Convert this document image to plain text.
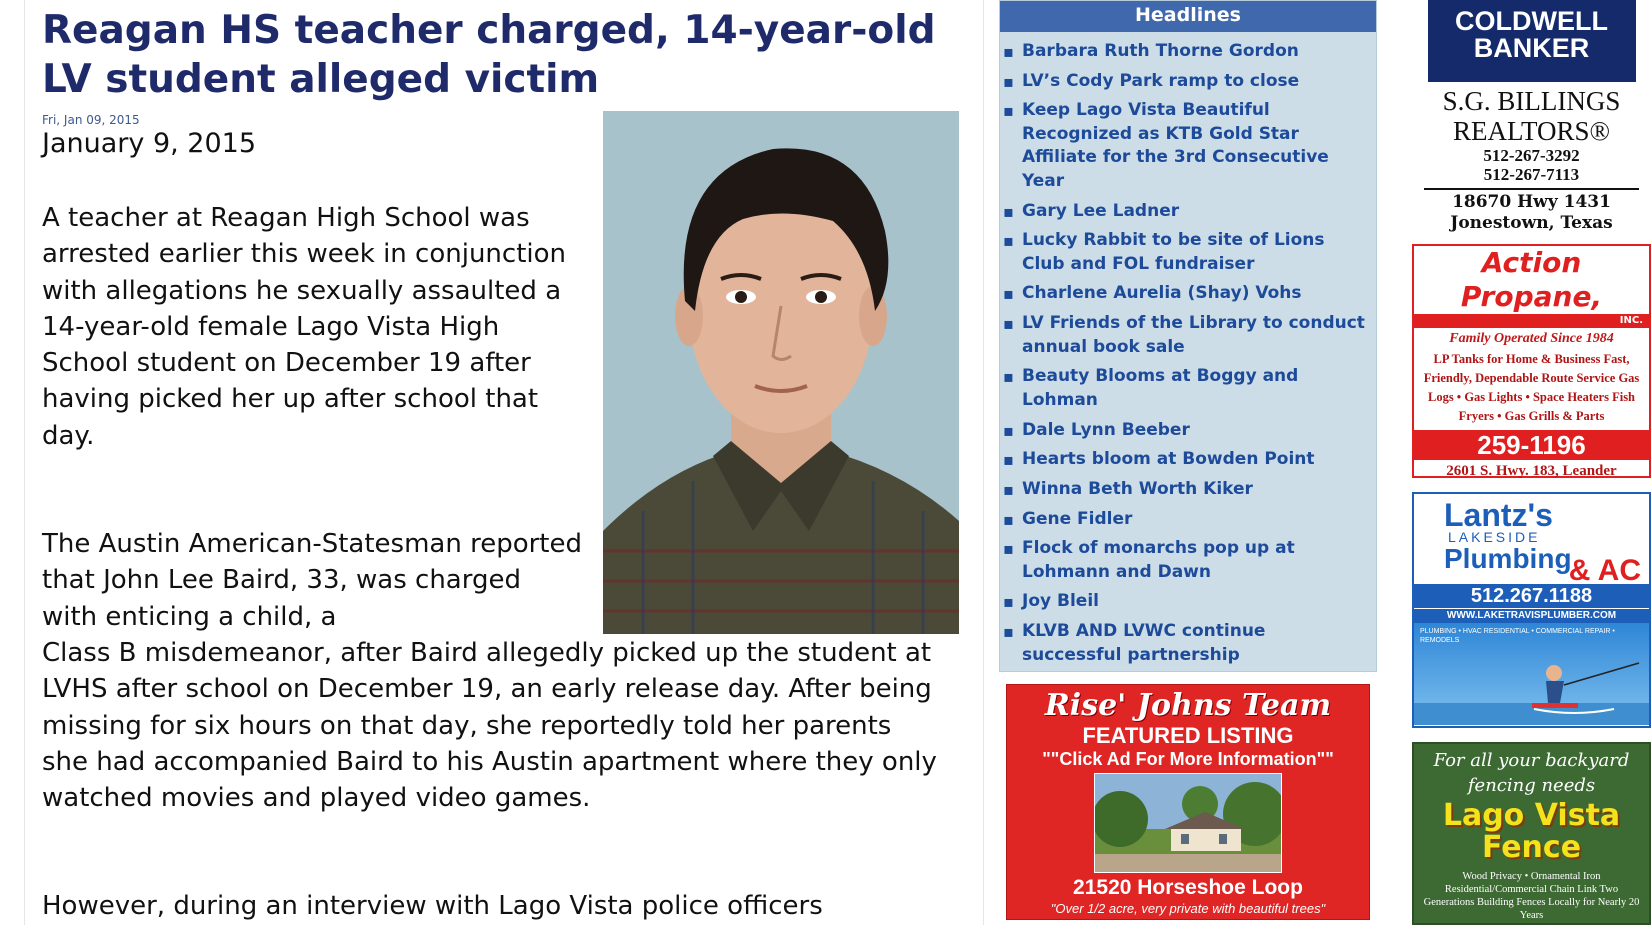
Reagan HS teacher charged, 14-year-old LV student alleged victim
Fri, Jan 09, 2015
January 9, 2015

A teacher at Reagan High School was arrested earlier this week in conjunction with allegations he sexually assaulted a 14-year-old female Lago Vista High School student on December 19 after having picked her up after school that day.

The Austin American-Statesman reported that John Lee Baird, 33, was charged with enticing a child, a

Class B misdemeanor, after Baird allegedly picked up the student at LVHS after school on December 19, an early release day. After being missing for six hours on that day, she reportedly told her parents she had accompanied Baird to his Austin apartment where they only watched movies and played video games.

However, during an interview with Lago Vista police officers

Headlines
▪ Barbara Ruth Thorne Gordon
▪ LV’s Cody Park ramp to close
▪ Keep Lago Vista Beautiful Recognized as KTB Gold Star Affiliate for the 3rd Consecutive Year
▪ Gary Lee Ladner
▪ Lucky Rabbit to be site of Lions Club and FOL fundraiser
▪ Charlene Aurelia (Shay) Vohs
▪ LV Friends of the Library to conduct annual book sale
▪ Beauty Blooms at Boggy and Lohman
▪ Dale Lynn Beeber
▪ Hearts bloom at Bowden Point
▪ Winna Beth Worth Kiker
▪ Gene Fidler
▪ Flock of monarchs pop up at Lohmann and Dawn
▪ Joy Bleil
▪ KLVB AND LVWC continue successful partnership
Rise' Johns Team
FEATURED LISTING
""Click Ad For More Information""
21520 Horseshoe Loop
"Over 1/2 acre, very private with beautiful trees"
COLDWELL
BANKER
S.G. BILLINGS
REALTORS®
512-267-3292
512-267-7113
18670 Hwy 1431
Jonestown, Texas
Action Propane,
INC.
Family Operated Since 1984
LP Tanks for Home & Business Fast, Friendly, Dependable Route Service Gas Logs • Gas Lights • Space Heaters Fish Fryers • Gas Grills & Parts
259-1196
2601 S. Hwy. 183, Leander
Lantz's
LAKESIDE
Plumbing
& AC
512.267.1188
WWW.LAKETRAVISPLUMBER.COM
PLUMBING • HVAC RESIDENTIAL • COMMERCIAL REPAIR • REMODELS
For all your backyard fencing needs
Lago Vista
Fence
Wood Privacy • Ornamental Iron Residential/Commercial Chain Link Two Generations Building Fences Locally for Nearly 20 Years
